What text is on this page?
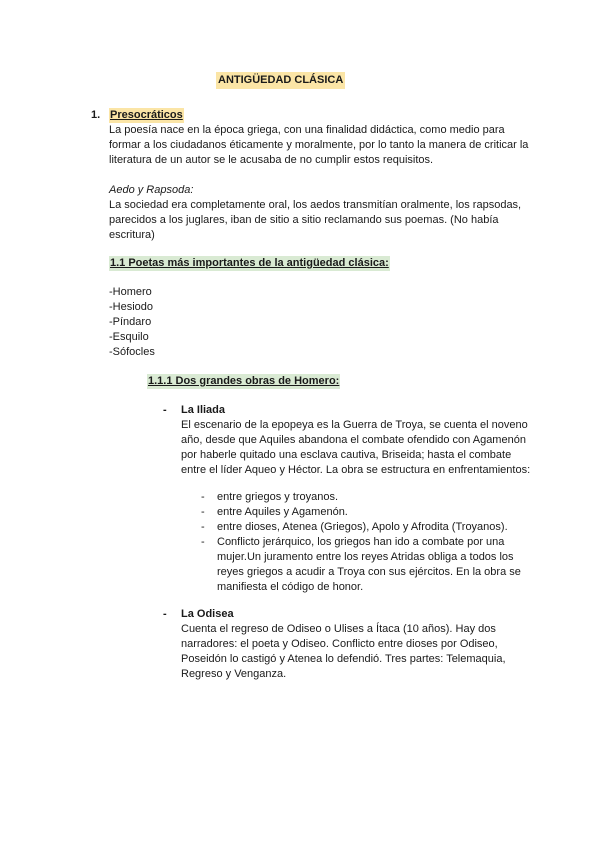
ANTIGÜEDAD CLÁSICA
1. Presocráticos
La poesía nace en la época griega, con una finalidad didáctica, como medio para formar a los ciudadanos éticamente y moralmente, por lo tanto la manera de criticar la literatura de un autor se le acusaba de no cumplir estos requisitos.
Aedo y Rapsoda:
La sociedad era completamente oral, los aedos transmitían oralmente, los rapsodas, parecidos a los juglares, iban de sitio a sitio reclamando sus poemas. (No había escritura)
1.1 Poetas más importantes de la antigüedad clásica:
-Homero
-Hesiodo
-Píndaro
-Esquilo
-Sófocles
1.1.1 Dos grandes obras de Homero:
- La Iliada
El escenario de la epopeya es la Guerra de Troya, se cuenta el noveno año, desde que Aquiles abandona el combate ofendido con Agamenón por haberle quitado una esclava cautiva, Briseida; hasta el combate entre el líder Aqueo y Héctor. La obra se estructura en enfrentamientos:
- entre griegos y troyanos.
- entre Aquiles y Agamenón.
- entre dioses, Atenea (Griegos), Apolo y Afrodita (Troyanos).
- Conflicto jerárquico, los griegos han ido a combate por una mujer.Un juramento entre los reyes Atridas obliga a todos los reyes griegos a acudir a Troya con sus ejércitos. En la obra se manifiesta el código de honor.
- La Odisea
Cuenta el regreso de Odiseo o Ulises a Ítaca (10 años). Hay dos narradores: el poeta y Odiseo. Conflicto entre dioses por Odiseo, Poseidón lo castigó y Atenea lo defendió. Tres partes: Telemaquia, Regreso y Venganza.
